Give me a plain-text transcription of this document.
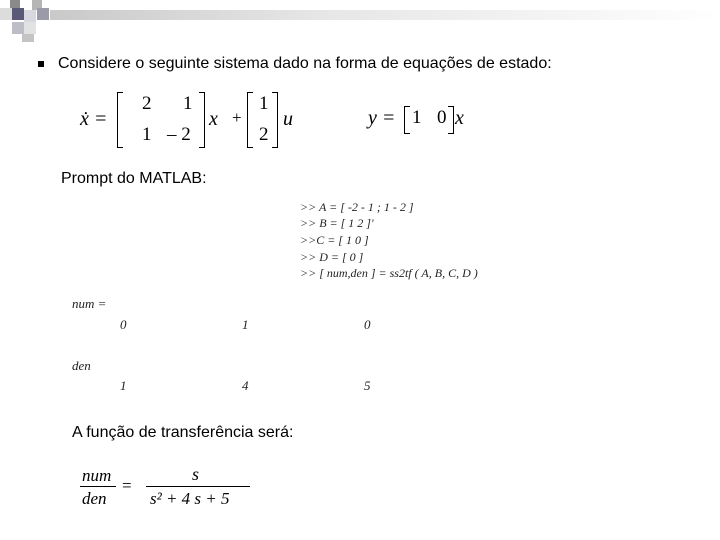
Considere o seguinte sistema dado na forma de equações de estado:
ẋ =
2 1
1 – 2
x +
1
2
u	y = 1 0 x
Prompt do MATLAB:
>> A = [ -2 - 1 ; 1 - 2 ]
>> B = [ 1 2 ]'
>>C = [ 1 0 ]
>> D = [ 0 ]
>> [ num,den ] = ss2tf ( A, B, C, D )
num =
0	1	0
den
1	4	5
A função de transferência será:
num
den
=
s
s² + 4 s + 5
